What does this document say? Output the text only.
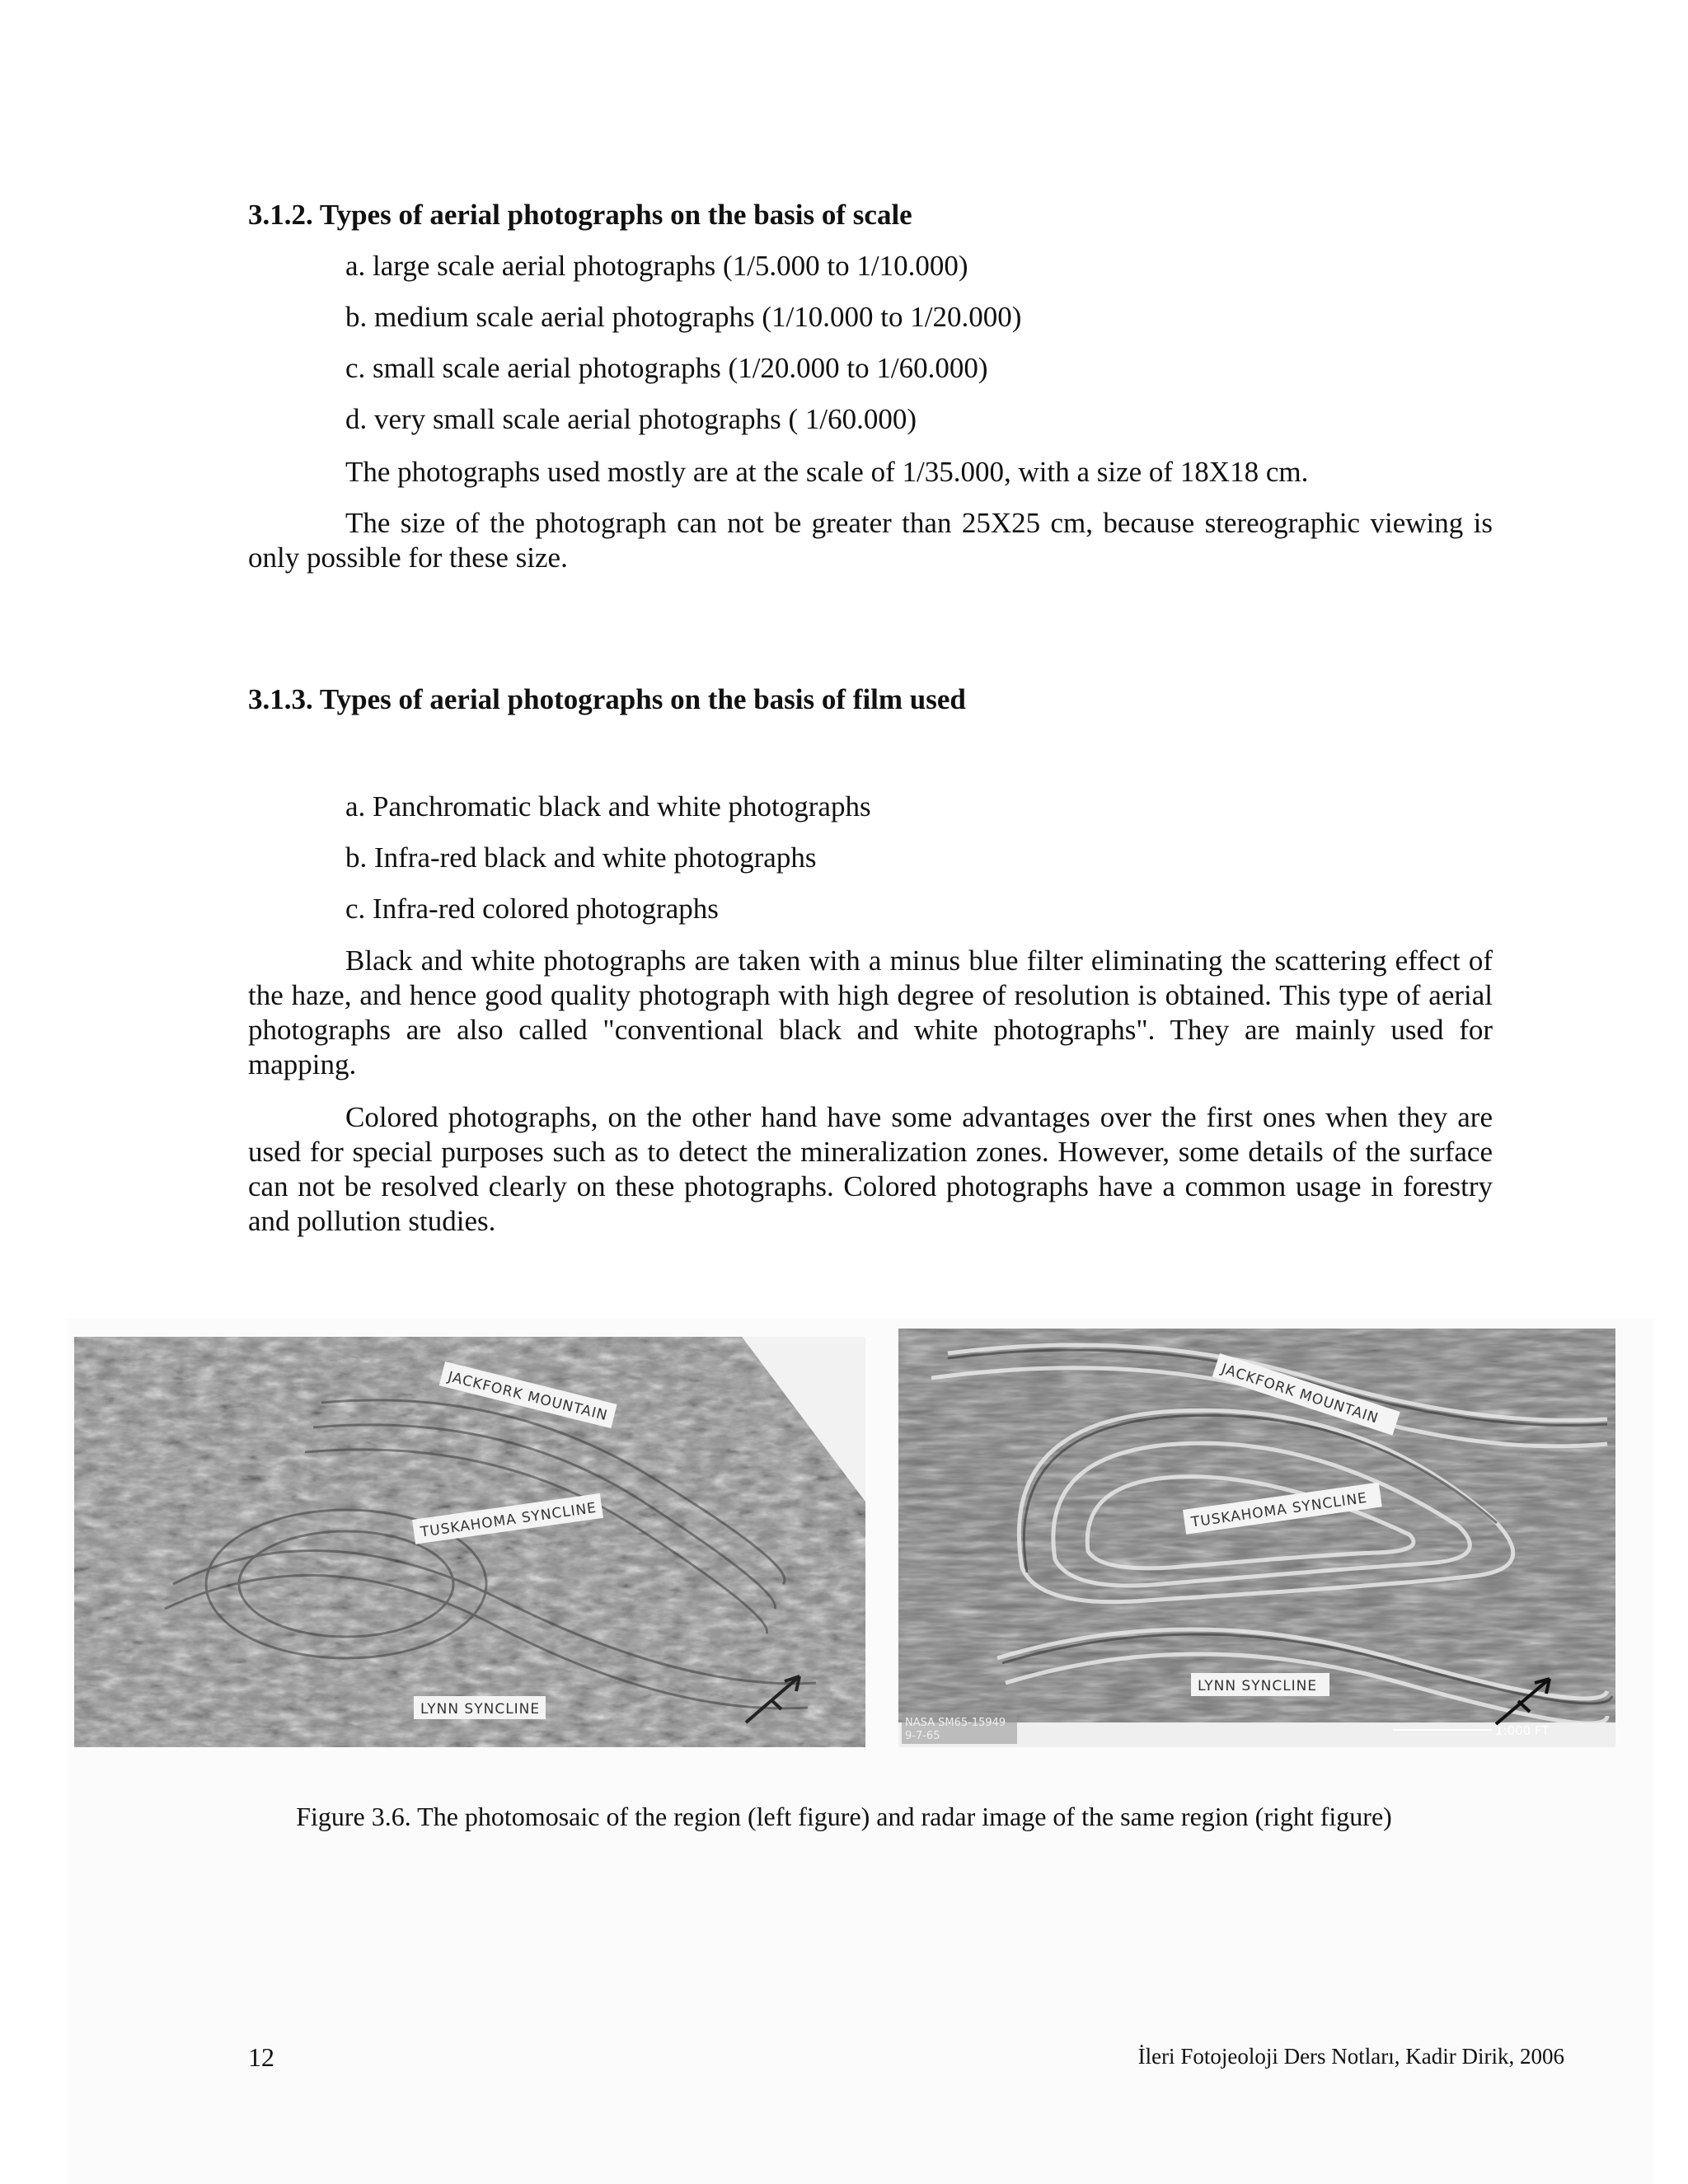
3.1.2. Types of aerial photographs on the basis of scale

a. large scale aerial photographs (1/5.000 to 1/10.000)

b. medium scale aerial photographs (1/10.000 to 1/20.000)

c. small scale aerial photographs (1/20.000 to 1/60.000)

d. very small scale aerial photographs ( 1/60.000)

The photographs used mostly are at the scale of 1/35.000, with a size of 18X18 cm.

The size of the photograph can not be greater than 25X25 cm, because stereographic viewing is only possible for these size.

3.1.3. Types of aerial photographs on the basis of film used

a. Panchromatic black and white photographs

b. Infra-red black and white photographs

c. Infra-red colored photographs

Black and white photographs are taken with a minus blue filter eliminating the scattering effect of the haze, and hence good quality photograph with high degree of resolution is obtained. This type of aerial photographs are also called "conventional black and white photographs". They are mainly used for mapping.

Colored photographs, on the other hand have some advantages over the first ones when they are used for special purposes such as to detect the mineralization zones. However, some details of the surface can not be resolved clearly on these photographs. Colored photographs have a common usage in forestry and pollution studies.

JACKFORK MOUNTAIN
TUSKAHOMA SYNCLINE
LYNN SYNCLINE
JACKFORK MOUNTAIN
TUSKAHOMA SYNCLINE
LYNN SYNCLINE
NASA SM65-15949
9-7-65	1:000 FT
Figure 3.6. The photomosaic of the region (left figure) and radar image of the same region (right figure)
12	İleri Fotojeoloji Ders Notları, Kadir Dirik, 2006
